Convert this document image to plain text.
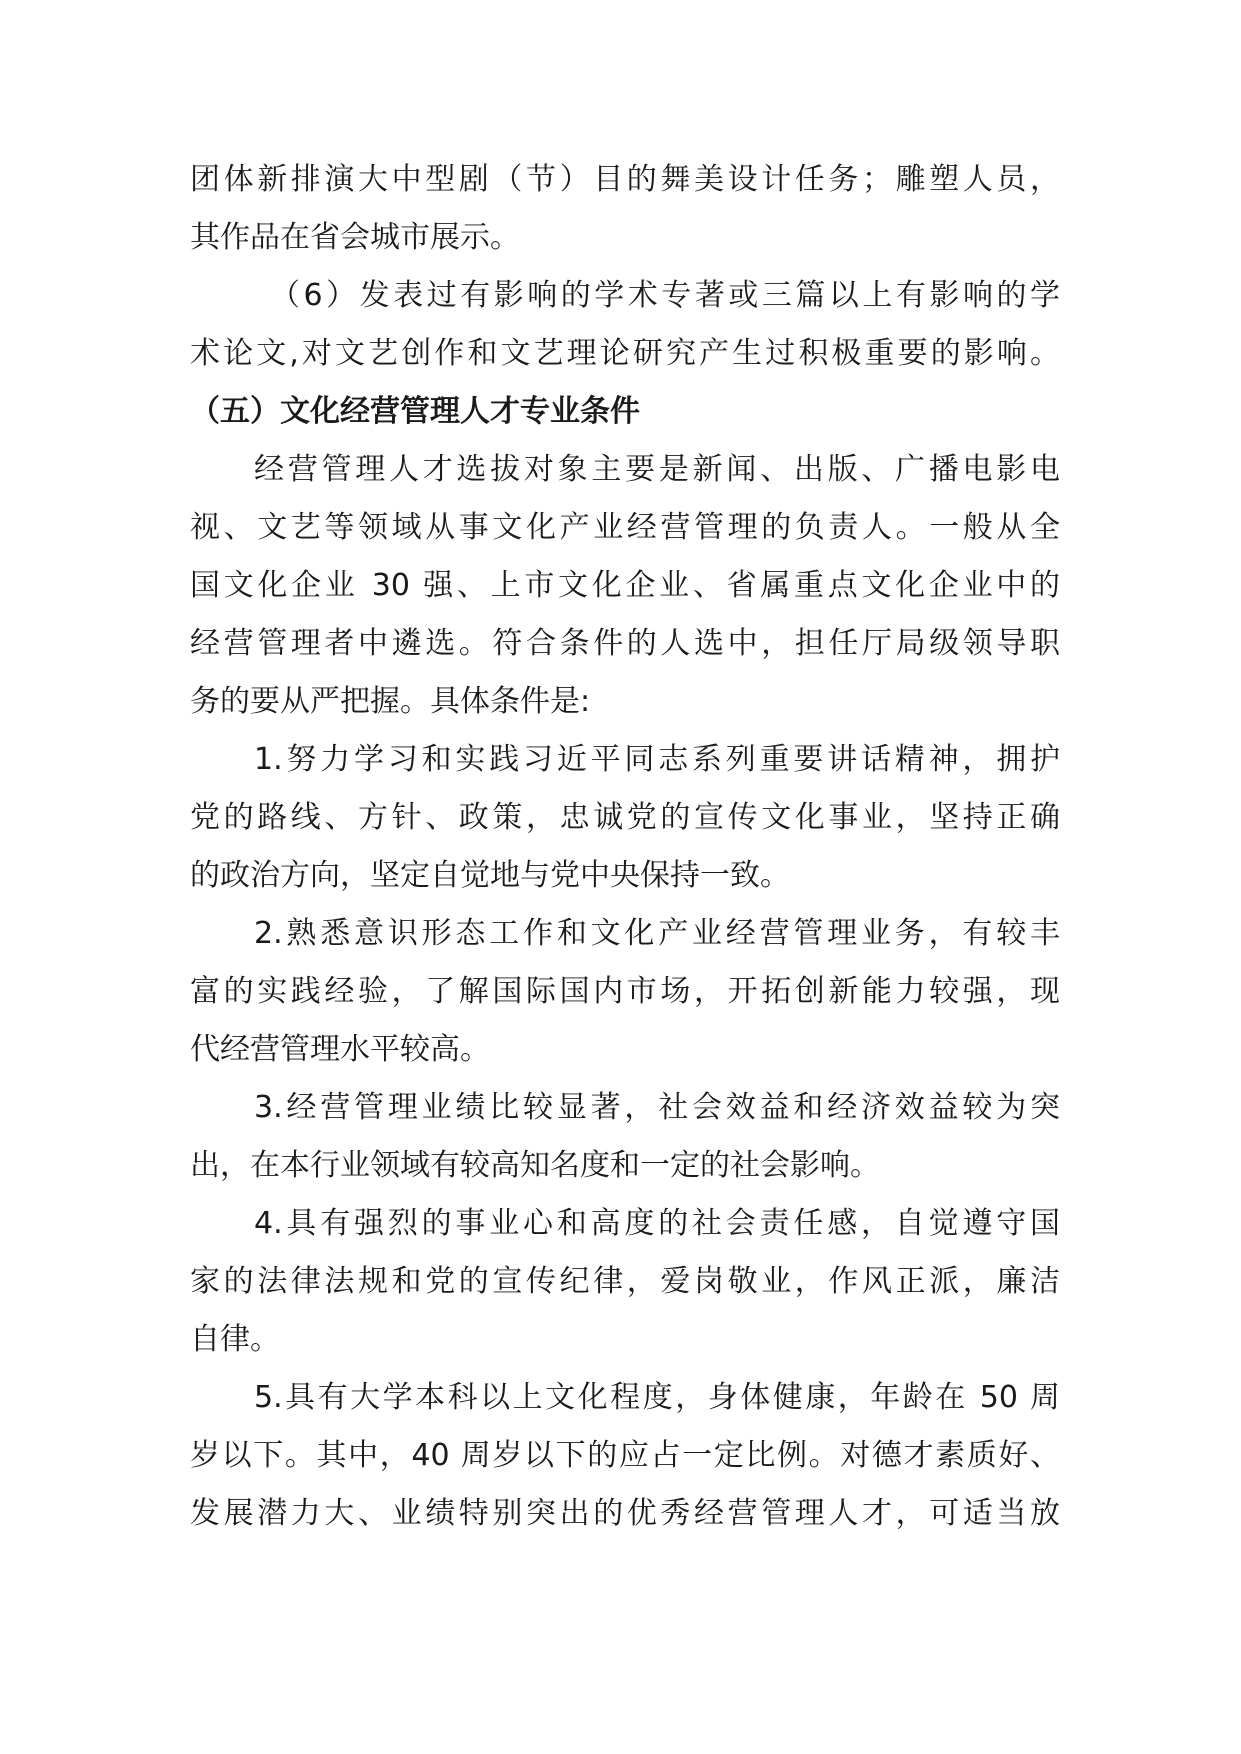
团体新排演大中型剧（节）目的舞美设计任务；雕塑人员，
其作品在省会城市展示。
（6）发表过有影响的学术专著或三篇以上有影响的学
术论文,对文艺创作和文艺理论研究产生过积极重要的影响。
（五）文化经营管理人才专业条件
经营管理人才选拔对象主要是新闻、出版、广播电影电
视、文艺等领域从事文化产业经营管理的负责人。一般从全
国文化企业 30 强、上市文化企业、省属重点文化企业中的
经营管理者中遴选。符合条件的人选中，担任厅局级领导职
务的要从严把握。具体条件是:
1.努力学习和实践习近平同志系列重要讲话精神，拥护
党的路线、方针、政策，忠诚党的宣传文化事业，坚持正确
的政治方向，坚定自觉地与党中央保持一致。
2.熟悉意识形态工作和文化产业经营管理业务，有较丰
富的实践经验，了解国际国内市场，开拓创新能力较强，现
代经营管理水平较高。
3.经营管理业绩比较显著，社会效益和经济效益较为突
出，在本行业领域有较高知名度和一定的社会影响。
4.具有强烈的事业心和高度的社会责任感，自觉遵守国
家的法律法规和党的宣传纪律，爱岗敬业，作风正派，廉洁
自律。
5.具有大学本科以上文化程度，身体健康，年龄在 50 周
岁以下。其中，40 周岁以下的应占一定比例。对德才素质好、
发展潜力大、业绩特别突出的优秀经营管理人才，可适当放
